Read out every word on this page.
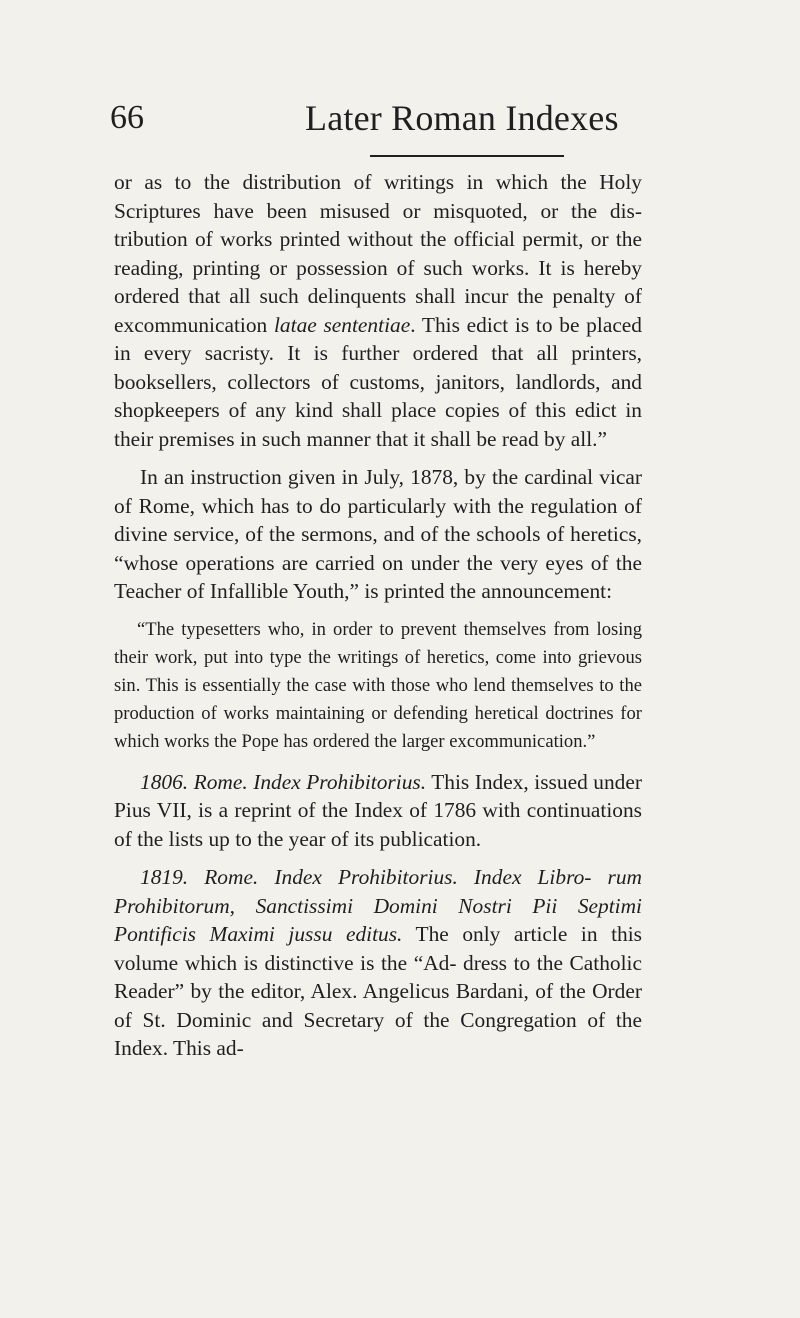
66	Later Roman Indexes

or as to the distribution of writings in which the Holy Scriptures have been misused or misquoted, or the dis- tribution of works printed without the official permit, or the reading, printing or possession of such works. It is hereby ordered that all such delinquents shall incur the penalty of excommunication latae sententiae. This edict is to be placed in every sacristy. It is further ordered that all printers, booksellers, collectors of customs, janitors, landlords, and shopkeepers of any kind shall place copies of this edict in their premises in such manner that it shall be read by all.”

In an instruction given in July, 1878, by the cardinal vicar of Rome, which has to do particularly with the regulation of divine service, of the sermons, and of the schools of heretics, “whose operations are carried on under the very eyes of the Teacher of Infallible Youth,” is printed the announcement:

“The typesetters who, in order to prevent themselves from losing their work, put into type the writings of heretics, come into grievous sin. This is essentially the case with those who lend themselves to the production of works maintaining or defending heretical doctrines for which works the Pope has ordered the larger excommunication.”

1806. Rome. Index Prohibitorius. This Index, issued under Pius VII, is a reprint of the Index of 1786 with continuations of the lists up to the year of its publication.

1819. Rome. Index Prohibitorius. Index Libro- rum Prohibitorum, Sanctissimi Domini Nostri Pii Septimi Pontificis Maximi jussu editus. The only article in this volume which is distinctive is the “Ad- dress to the Catholic Reader” by the editor, Alex. Angelicus Bardani, of the Order of St. Dominic and Secretary of the Congregation of the Index. This ad-
